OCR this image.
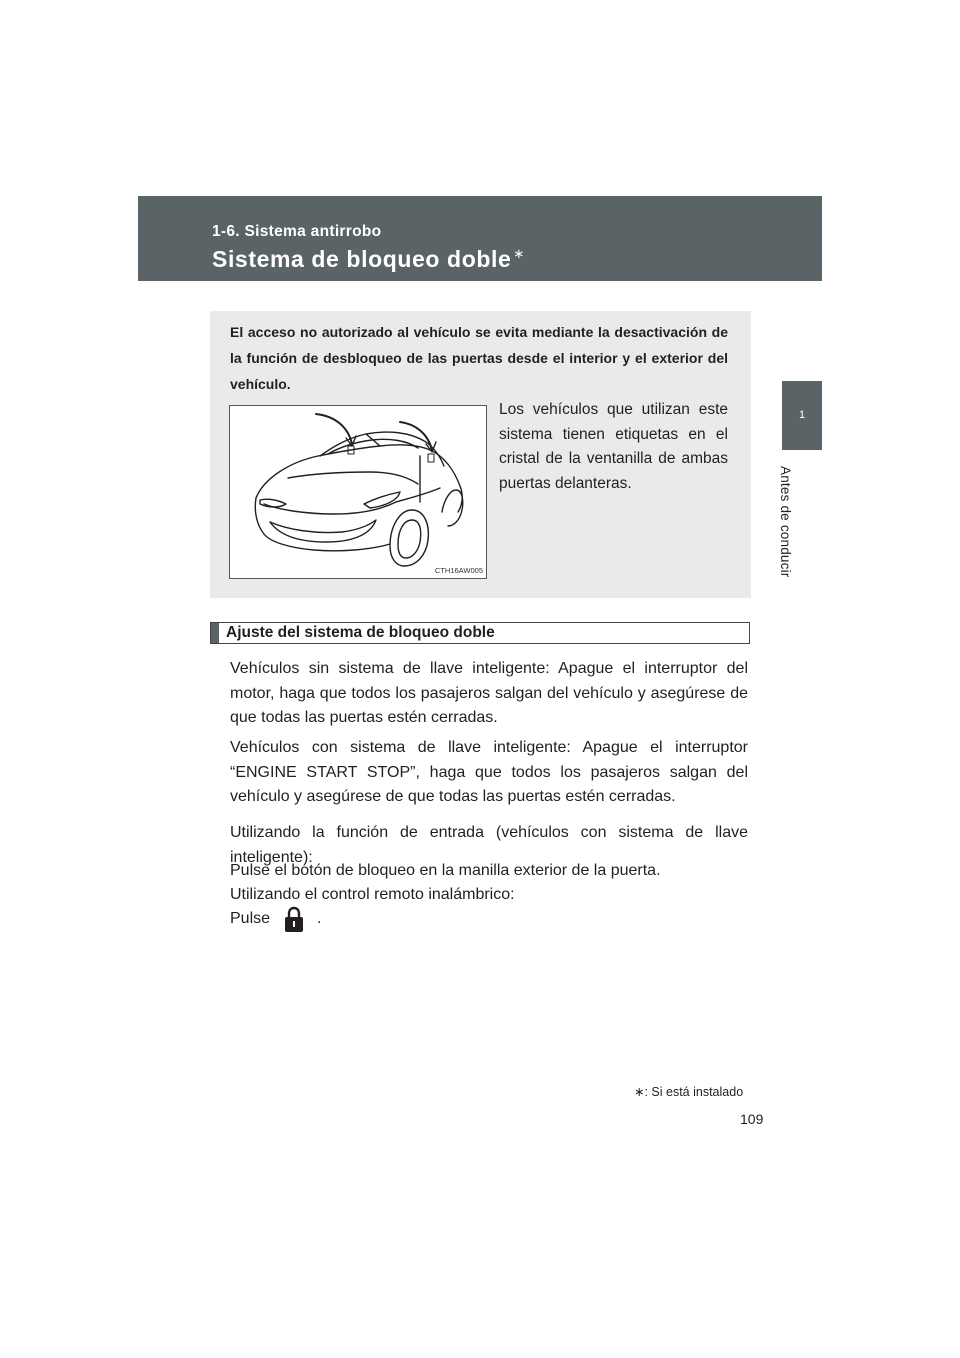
1-6. Sistema antirrobo
Sistema de bloqueo doble ∗
1
Antes de conducir
El acceso no autorizado al vehículo se evita mediante la desactivación de la función de desbloqueo de las puertas desde el interior y el exterior del vehículo.
CTH16AW005
Los vehículos que utilizan este sistema tienen etiquetas en el cristal de la ventanilla de ambas puertas delanteras.
Ajuste del sistema de bloqueo doble

Vehículos sin sistema de llave inteligente: Apague el interruptor del motor, haga que todos los pasajeros salgan del vehículo y asegúrese de que todas las puertas estén cerradas.

Vehículos con sistema de llave inteligente: Apague el interruptor “ENGINE START STOP”, haga que todos los pasajeros salgan del vehículo y asegúrese de que todas las puertas estén cerradas.

Utilizando la función de entrada (vehículos con sistema de llave inteligente):

Pulse el botón de bloqueo en la manilla exterior de la puerta.

Utilizando el control remoto inalámbrico:

Pulse	.

∗: Si está instalado
109
